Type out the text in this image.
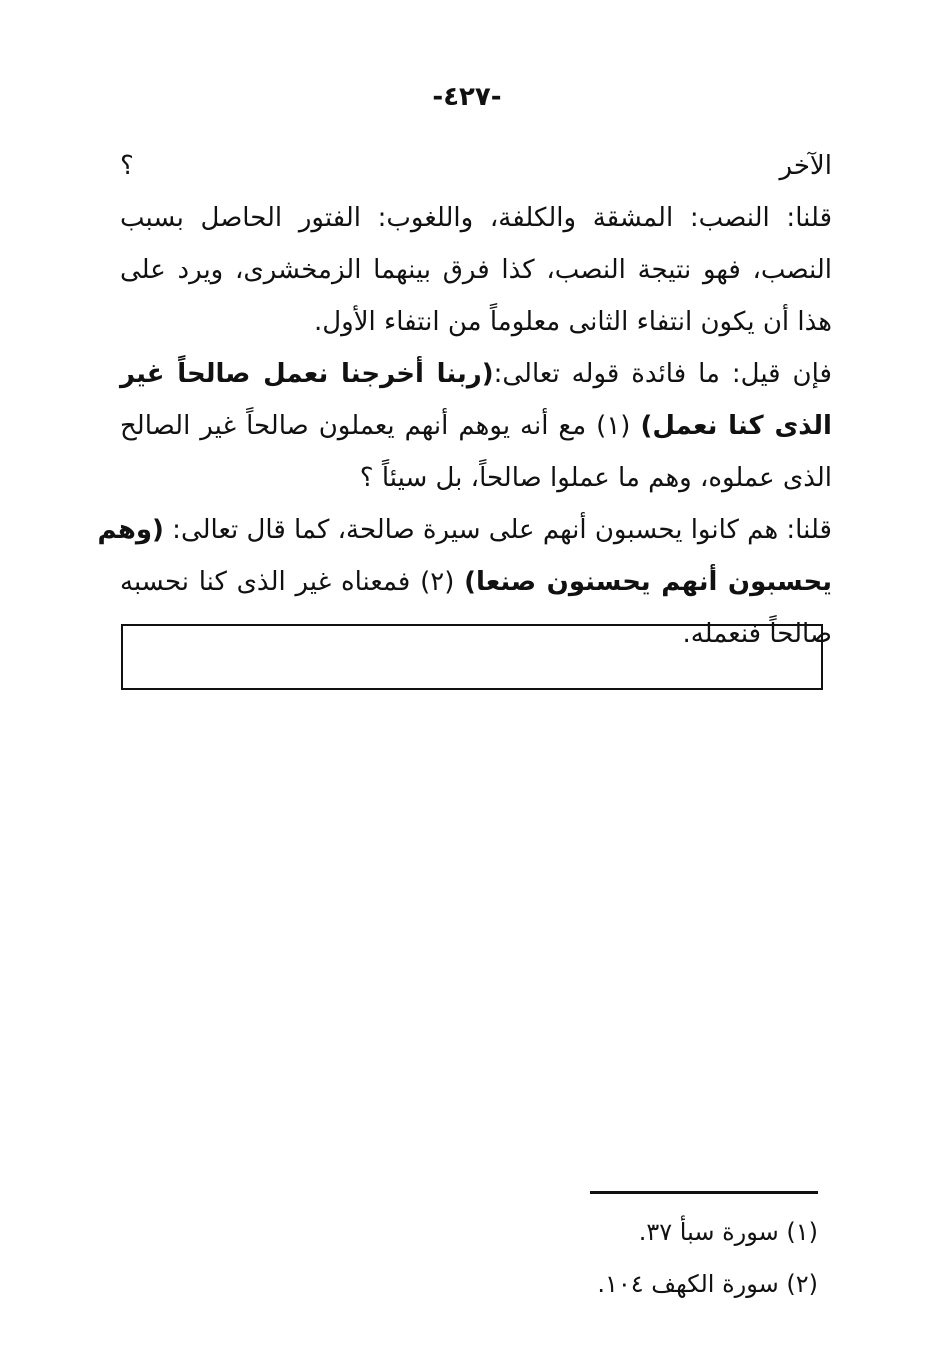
-٤٢٧-
الآخر ؟
قلنا: النصب: المشقة والكلفة، واللغوب: الفتور الحاصل بسبب
النصب، فهو نتيجة النصب، كذا فرق بينهما الزمخشرى، ويرد على
هذا أن يكون انتفاء الثانى معلوماً من انتفاء الأول.
فإن قيل: ما فائدة قوله تعالى:(ربنا أخرجنا نعمل صالحاً غير
الذى كنا نعمل) (١) مع أنه يوهم أنهم يعملون صالحاً غير الصالح
الذى عملوه، وهم ما عملوا صالحاً، بل سيئاً ؟
قلنا: هم كانوا يحسبون أنهم على سيرة صالحة، كما قال تعالى: (وهم
يحسبون أنهم يحسنون صنعا) (٢) فمعناه غير الذى كنا نحسبه
صالحاً فنعمله.
(١) سورة سبأ ٣٧.
(٢) سورة الكهف ١٠٤.
